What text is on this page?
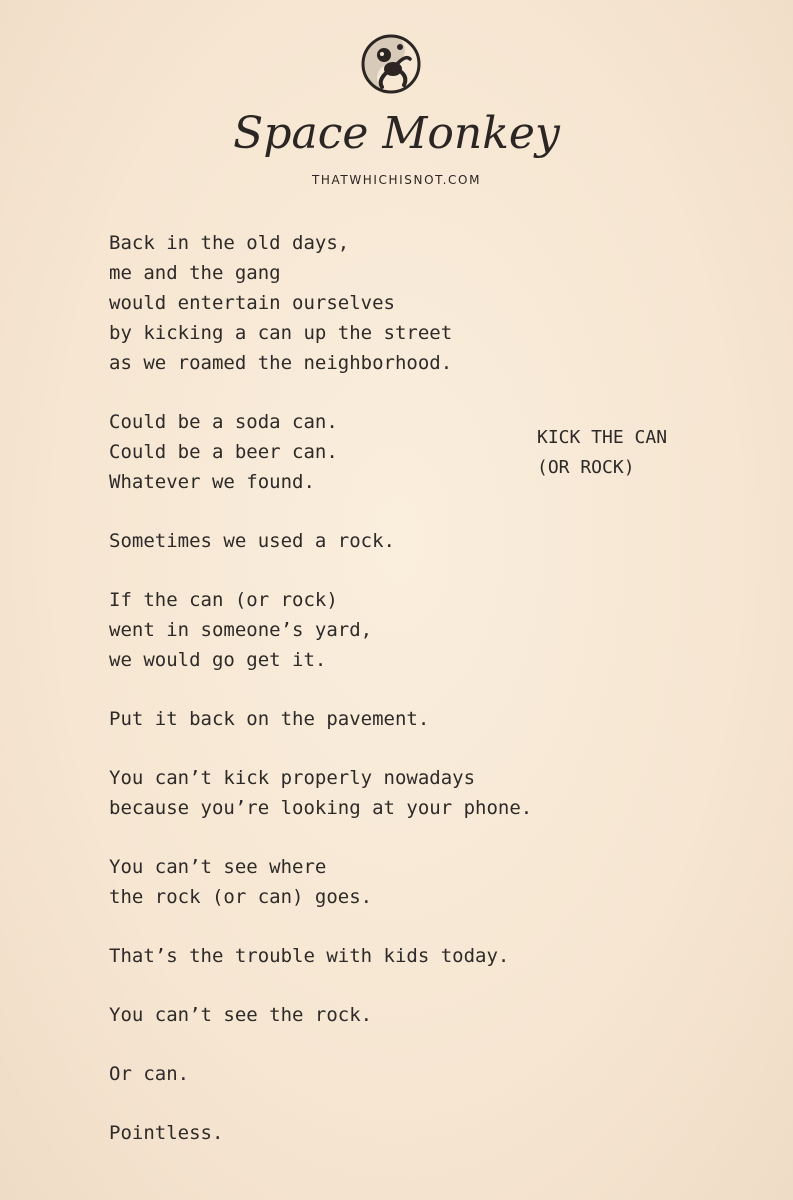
Space Monkey
THATWHICHISNOT.COM
KICK THE CAN
(OR ROCK)
Back in the old days,
me and the gang
would entertain ourselves
by kicking a can up the street
as we roamed the neighborhood.
Could be a soda can.
Could be a beer can.
Whatever we found.
Sometimes we used a rock.
If the can (or rock)
went in someone’s yard,
we would go get it.
Put it back on the pavement.
You can’t kick properly nowadays
because you’re looking at your phone.
You can’t see where
the rock (or can) goes.
That’s the trouble with kids today.
You can’t see the rock.
Or can.
Pointless.
